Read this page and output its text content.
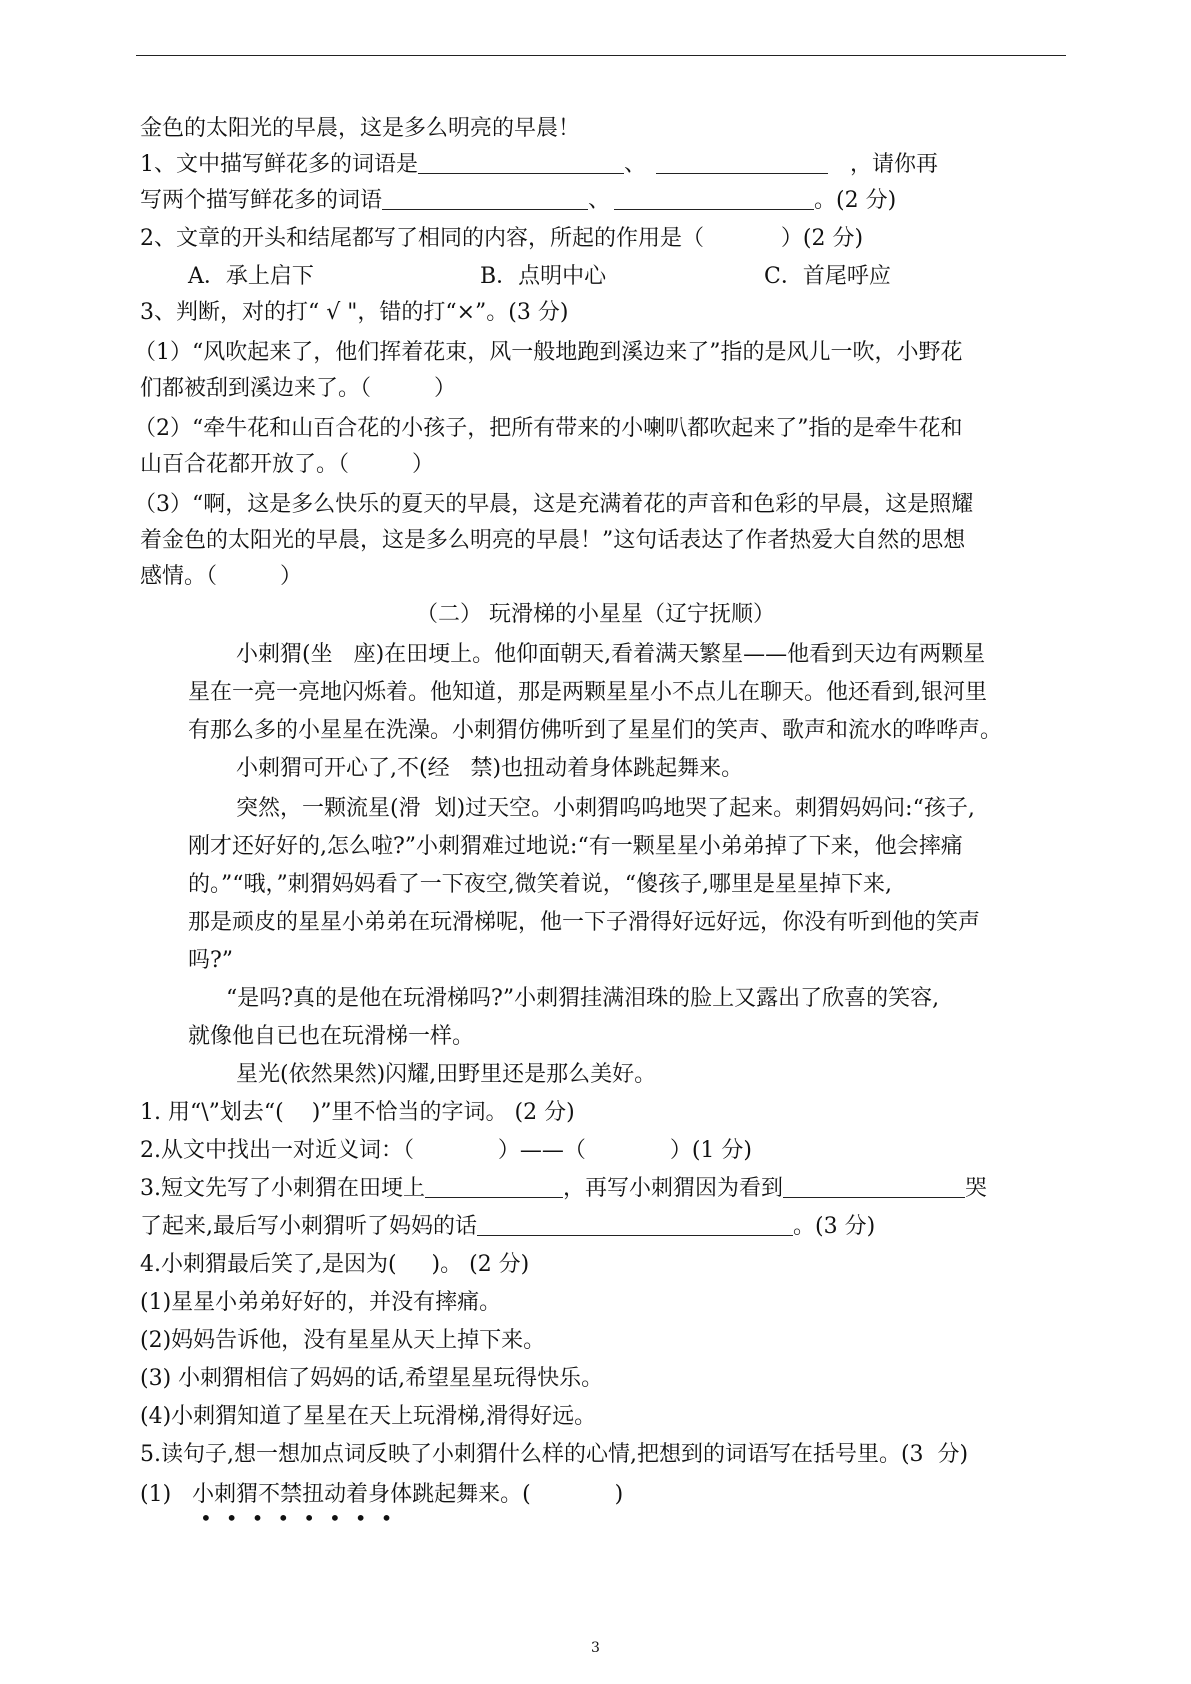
金色的太阳光的早晨，这是多么明亮的早晨！
1、文中描写鲜花多的词语是	、	，请你再
写两个描写鲜花多的词语	、	。(2 分)
2、文章的开头和结尾都写了相同的内容，所起的作用是（           ）(2 分)
A．承上启下	B．点明中心	C．首尾呼应
3、判断，对的打“ √ "，错的打“×”。(3 分)
（1）“风吹起来了，他们挥着花束，风一般地跑到溪边来了”指的是风儿一吹，小野花
们都被刮到溪边来了。（         ）
（2）“牵牛花和山百合花的小孩子，把所有带来的小喇叭都吹起来了”指的是牵牛花和
山百合花都开放了。（         ）
（3）“啊，这是多么快乐的夏天的早晨，这是充满着花的声音和色彩的早晨，这是照耀
着金色的太阳光的早晨，这是多么明亮的早晨！”这句话表达了作者热爱大自然的思想
感情。（         ）
（二） 玩滑梯的小星星（辽宁抚顺）
小刺猬(坐   座)在田埂上。他仰面朝天,看着满天繁星——他看到天边有两颗星
星在一亮一亮地闪烁着。他知道，那是两颗星星小不点儿在聊天。他还看到,银河里
有那么多的小星星在洗澡。小刺猬仿佛听到了星星们的笑声、歌声和流水的哗哗声。
小刺猬可开心了,不(经   禁)也扭动着身体跳起舞来。
突然，一颗流星(滑  划)过天空。小刺猬呜呜地哭了起来。刺猬妈妈问:“孩子,
刚才还好好的,怎么啦?”小刺猬难过地说:“有一颗星星小弟弟掉了下来，他会摔痛
的。”“哦，”刺猬妈妈看了一下夜空,微笑着说，“傻孩子,哪里是星星掉下来,
那是顽皮的星星小弟弟在玩滑梯呢，他一下子滑得好远好远，你没有听到他的笑声
吗?”
“是吗?真的是他在玩滑梯吗?”小刺猬挂满泪珠的脸上又露出了欣喜的笑容,
就像他自已也在玩滑梯一样。
星光(依然果然)闪耀,田野里还是那么美好。
1. 用“\”划去“(    )”里不恰当的字词。 (2 分)
2.从文中找出一对近义词：（            ）——（            ）(1 分)
3.短文先写了小刺猬在田埂上	，再写小刺猬因为看到	哭
了起来,最后写小刺猬听了妈妈的话	。(3 分)
4.小刺猬最后笑了,是因为(     )。 (2 分)
(1)星星小弟弟好好的，并没有摔痛。
(2)妈妈告诉他，没有星星从天上掉下来。
(3) 小刺猬相信了妈妈的话,希望星星玩得快乐。
(4)小刺猬知道了星星在天上玩滑梯,滑得好远。
5.读句子,想一想加点词反映了小刺猬什么样的心情,把想到的词语写在括号里。(3  分)
(1)   小刺猬不禁扭动着身体跳起舞来。(            )
••••••••
3
